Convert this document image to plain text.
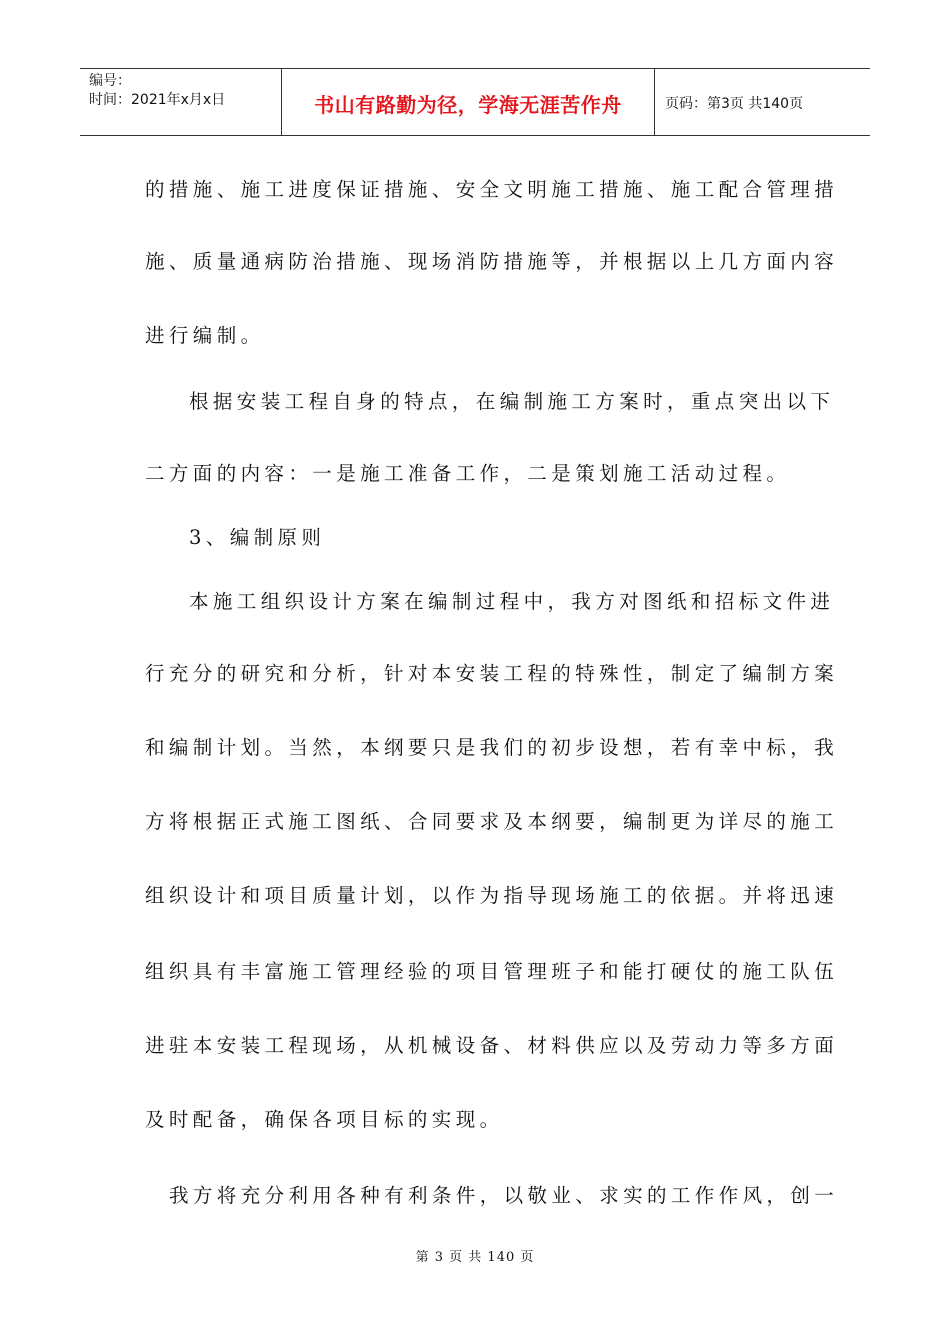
编号：
时间：2021年x月x日	书山有路勤为径，学海无涯苦作舟	页码：第3页 共140页
的措施、施工进度保证措施、安全文明施工措施、施工配合管理措
施、质量通病防治措施、现场消防措施等，并根据以上几方面内容
进行编制。
根据安装工程自身的特点，在编制施工方案时，重点突出以下
二方面的内容：一是施工准备工作，二是策划施工活动过程。
3、编制原则
本施工组织设计方案在编制过程中，我方对图纸和招标文件进
行充分的研究和分析，针对本安装工程的特殊性，制定了编制方案
和编制计划。当然，本纲要只是我们的初步设想，若有幸中标，我
方将根据正式施工图纸、合同要求及本纲要，编制更为详尽的施工
组织设计和项目质量计划，以作为指导现场施工的依据。并将迅速
组织具有丰富施工管理经验的项目管理班子和能打硬仗的施工队伍
进驻本安装工程现场，从机械设备、材料供应以及劳动力等多方面
及时配备，确保各项目标的实现。
我方将充分利用各种有利条件，以敬业、求实的工作作风，创一
第 3 页 共 140 页
